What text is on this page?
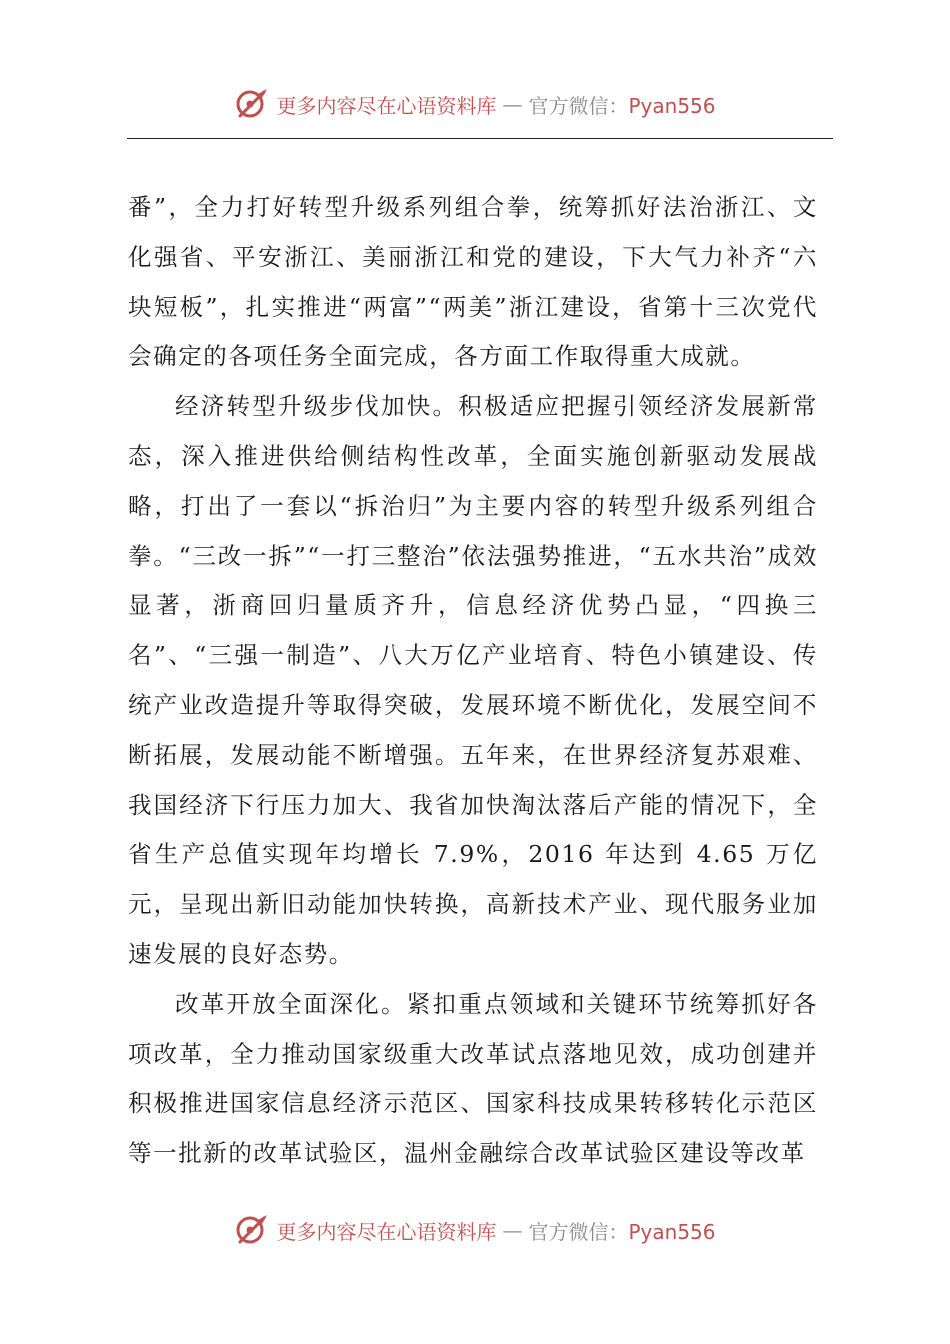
更多内容尽在心语资料库 — 官方微信：Pyan556

番”，全力打好转型升级系列组合拳，统筹抓好法治浙江、文化强省、平安浙江、美丽浙江和党的建设，下大气力补齐“六块短板”，扎实推进“两富”“两美”浙江建设，省第十三次党代会确定的各项任务全面完成，各方面工作取得重大成就。

经济转型升级步伐加快。积极适应把握引领经济发展新常态，深入推进供给侧结构性改革，全面实施创新驱动发展战略，打出了一套以“拆治归”为主要内容的转型升级系列组合拳。“三改一拆”“一打三整治”依法强势推进，“五水共治”成效显著，浙商回归量质齐升，信息经济优势凸显，“四换三名”、“三强一制造”、八大万亿产业培育、特色小镇建设、传统产业改造提升等取得突破，发展环境不断优化，发展空间不断拓展，发展动能不断增强。五年来，在世界经济复苏艰难、我国经济下行压力加大、我省加快淘汰落后产能的情况下，全省生产总值实现年均增长 7.9%，2016 年达到 4.65 万亿元，呈现出新旧动能加快转换，高新技术产业、现代服务业加速发展的良好态势。

改革开放全面深化。紧扣重点领域和关键环节统筹抓好各项改革，全力推动国家级重大改革试点落地见效，成功创建并积极推进国家信息经济示范区、国家科技成果转移转化示范区等一批新的改革试验区，温州金融综合改革试验区建设等改革

更多内容尽在心语资料库 — 官方微信：Pyan556
